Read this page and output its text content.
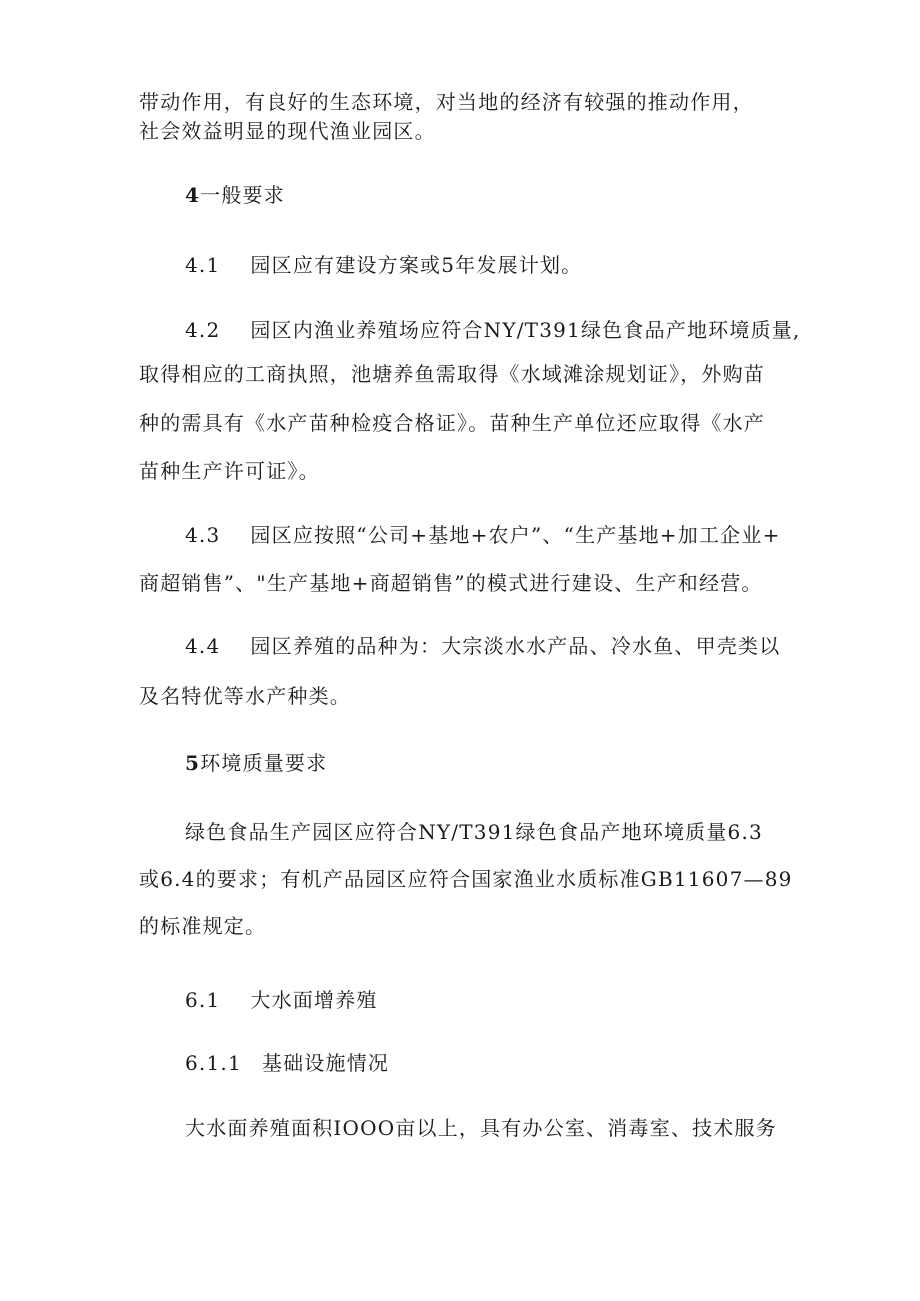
带动作用，有良好的生态环境，对当地的经济有较强的推动作用，
社会效益明显的现代渔业园区。
4一般要求
4.1 园区应有建设方案或5年发展计划。
4.2 园区内渔业养殖场应符合NY/T391绿色食品产地环境质量,
取得相应的工商执照，池塘养鱼需取得《水域滩涂规划证》，外购苗
种的需具有《水产苗种检疫合格证》。苗种生产单位还应取得《水产
苗种生产许可证》。
4.3 园区应按照“公司+基地+农户”、“生产基地+加工企业+
商超销售”、"生产基地+商超销售”的模式进行建设、生产和经营。
4.4 园区养殖的品种为：大宗淡水水产品、冷水鱼、甲壳类以
及名特优等水产种类。
5环境质量要求
绿色食品生产园区应符合NY/T391绿色食品产地环境质量6.3
或6.4的要求；有机产品园区应符合国家渔业水质标准GB11607—89
的标准规定。
6.1 大水面增养殖
6.1.1 基础设施情况
大水面养殖面积IOOO亩以上，具有办公室、消毒室、技术服务
